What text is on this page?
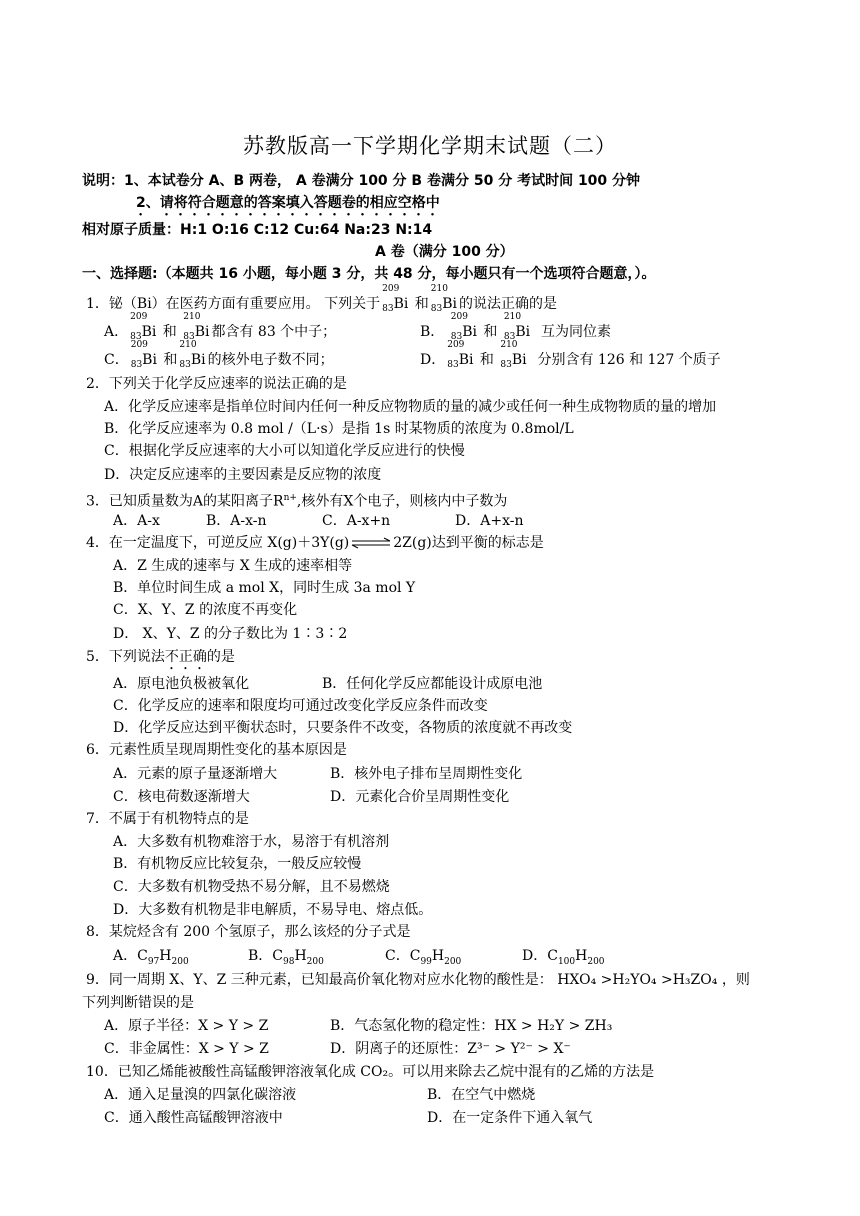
苏教版高一下学期化学期末试题（二）
说明：1、本试卷分 A、B 两卷， A 卷满分 100 分 B 卷满分 50 分 考试时间 100 分钟
2、请将符合题意的答案填入答题卷的相应空格中
相对原子质量：H:1 O:16 C:12 Cu:64 Na:23 N:14
A 卷（满分 100 分）
一、选择题:（本题共 16 小题，每小题 3 分，共 48 分，每小题只有一个选项符合题意，）。
1．铋（Bi）在医药方面有重要应用。 下列关于
209
$_{83}$Bi 和
210
$_{83}$Bi 的说法正确的是
A．
209
$_{83}$Bi 和
210
$_{83}$Bi 都含有 83 个中子；	B．
209
$_{83}$Bi 和
210
$_{83}$Bi 互为同位素
C．
209
$_{83}$Bi 和
210
$_{83}$Bi 的核外电子数不同；	D．
209
$_{83}$Bi 和
210
$_{83}$Bi 分别含有 126 和 127 个质子
2．下列关于化学反应速率的说法正确的是
A．化学反应速率是指单位时间内任何一种反应物物质的量的减少或任何一种生成物物质的量的增加
B．化学反应速率为 0.8 mol /（L·s）是指 1s 时某物质的浓度为 0.8mol/L
C．根据化学反应速率的大小可以知道化学反应进行的快慢
D．决定反应速率的主要因素是反应物的浓度
3．已知质量数为A的某阳离子$R^{n+}$,核外有X个电子，则核内中子数为
A．A-x	B．A-x-n	C．A-x+n	D．A+x-n
4．在一定温度下，可逆反应 X(g)＋3Y(g)⇌2Z(g)达到平衡的标志是
A．Z 生成的速率与 X 生成的速率相等
B．单位时间生成 a mol X，同时生成 3a mol Y
C．X、Y、Z 的浓度不再变化
D． X、Y、Z 的分子数比为 1∶3∶2
5．下列说法不正确的是
A．原电池负极被氧化	B．任何化学反应都能设计成原电池
C．化学反应的速率和限度均可通过改变化学反应条件而改变
D．化学反应达到平衡状态时，只要条件不改变，各物质的浓度就不再改变
6．元素性质呈现周期性变化的基本原因是
A．元素的原子量逐渐增大	B．核外电子排布呈周期性变化
C．核电荷数逐渐增大	D．元素化合价呈周期性变化
7．不属于有机物特点的是
A．大多数有机物难溶于水，易溶于有机溶剂
B．有机物反应比较复杂，一般反应较慢
C．大多数有机物受热不易分解，且不易燃烧
D．大多数有机物是非电解质，不易导电、熔点低。
8．某烷烃含有 200 个氢原子，那么该烃的分子式是
A．$C_{97}H_{200}$	B．$C_{98}H_{200}$	C．$C_{99}H_{200}$	D．$C_{100}H_{200}$
9．同一周期 X、Y、Z 三种元素，已知最高价氧化物对应水化物的酸性是： HXO₄ >H₂YO₄ >H₃ZO₄ ，则
下列判断错误的是
A．原子半径：X > Y > Z	B．气态氢化物的稳定性：HX > H₂Y > ZH₃
C．非金属性：X > Y > Z	D．阴离子的还原性：Z³⁻ > Y²⁻ > X⁻
10．已知乙烯能被酸性高锰酸钾溶液氧化成 CO₂。可以用来除去乙烷中混有的乙烯的方法是
A．通入足量溴的四氯化碳溶液	B．在空气中燃烧
C．通入酸性高锰酸钾溶液中	D．在一定条件下通入氧气
